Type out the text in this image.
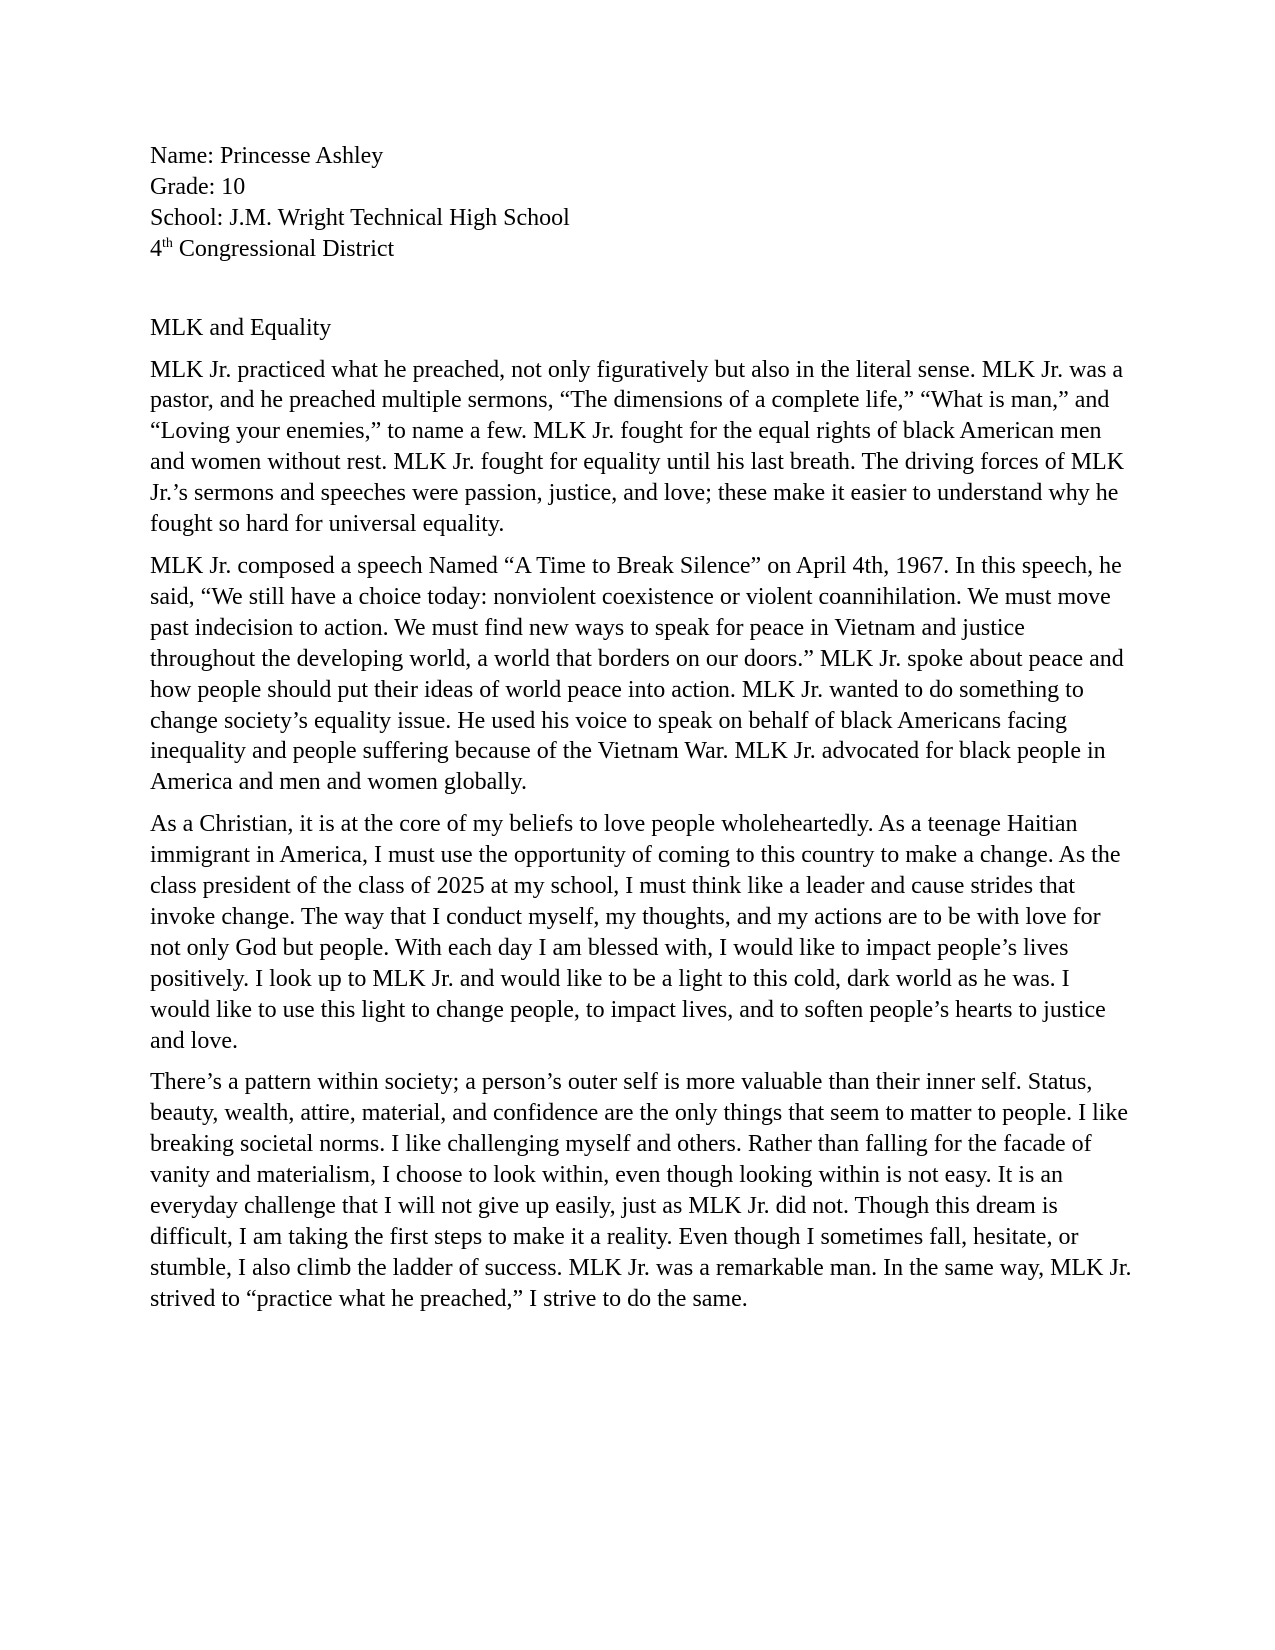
Name: Princesse Ashley
Grade: 10
School: J.M. Wright Technical High School
4th Congressional District

MLK and Equality

MLK Jr. practiced what he preached, not only figuratively but also in the literal sense. MLK Jr. was a pastor, and he preached multiple sermons, “The dimensions of a complete life,” “What is man,” and “Loving your enemies,” to name a few. MLK Jr. fought for the equal rights of black American men and women without rest. MLK Jr. fought for equality until his last breath. The driving forces of MLK Jr.’s sermons and speeches were passion, justice, and love; these make it easier to understand why he fought so hard for universal equality.

MLK Jr. composed a speech Named “A Time to Break Silence” on April 4th, 1967. In this speech, he said, “We still have a choice today: nonviolent coexistence or violent coannihilation. We must move past indecision to action. We must find new ways to speak for peace in Vietnam and justice throughout the developing world, a world that borders on our doors.” MLK Jr. spoke about peace and how people should put their ideas of world peace into action. MLK Jr. wanted to do something to change society’s equality issue. He used his voice to speak on behalf of black Americans facing inequality and people suffering because of the Vietnam War. MLK Jr. advocated for black people in America and men and women globally.

As a Christian, it is at the core of my beliefs to love people wholeheartedly. As a teenage Haitian immigrant in America, I must use the opportunity of coming to this country to make a change. As the class president of the class of 2025 at my school, I must think like a leader and cause strides that invoke change. The way that I conduct myself, my thoughts, and my actions are to be with love for not only God but people. With each day I am blessed with, I would like to impact people’s lives positively. I look up to MLK Jr. and would like to be a light to this cold, dark world as he was. I would like to use this light to change people, to impact lives, and to soften people’s hearts to justice and love.

There’s a pattern within society; a person’s outer self is more valuable than their inner self. Status, beauty, wealth, attire, material, and confidence are the only things that seem to matter to people. I like breaking societal norms. I like challenging myself and others. Rather than falling for the facade of vanity and materialism, I choose to look within, even though looking within is not easy. It is an everyday challenge that I will not give up easily, just as MLK Jr. did not. Though this dream is difficult, I am taking the first steps to make it a reality. Even though I sometimes fall, hesitate, or stumble, I also climb the ladder of success. MLK Jr. was a remarkable man. In the same way, MLK Jr. strived to “practice what he preached,” I strive to do the same.
